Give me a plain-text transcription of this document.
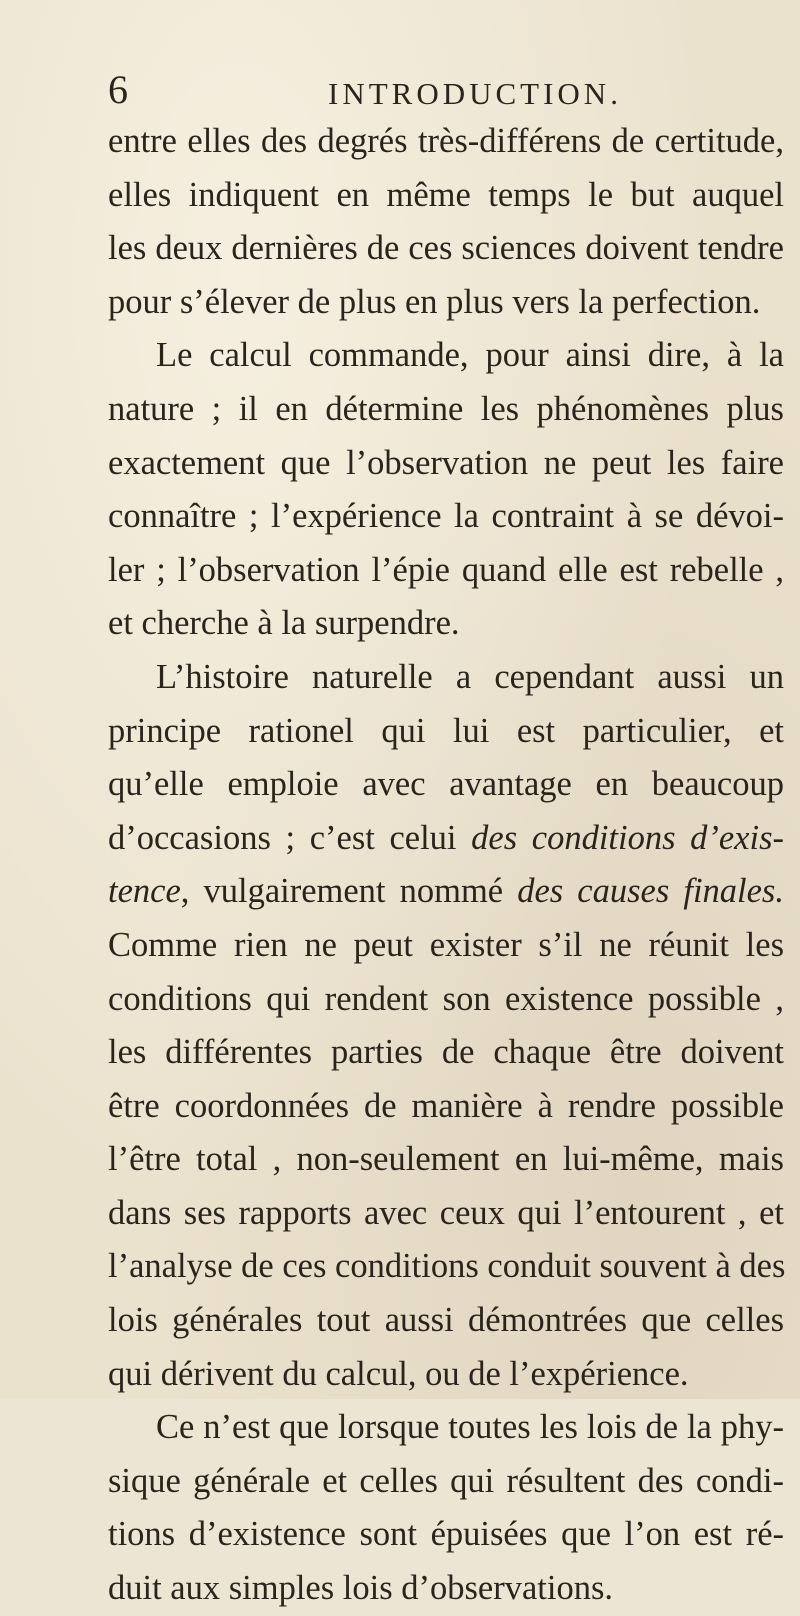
6	INTRODUCTION.
entre elles des degrés très-différens de certitude,
elles indiquent en même temps le but auquel
les deux dernières de ces sciences doivent tendre
pour s’élever de plus en plus vers la perfection.
Le calcul commande, pour ainsi dire, à la
nature ; il en détermine les phénomènes plus
exactement que l’observation ne peut les faire
connaître ; l’expérience la contraint à se dévoi-
ler ; l’observation l’épie quand elle est rebelle ,
et cherche à la surpendre.
L’histoire naturelle a cependant aussi un
principe rationel qui lui est particulier, et
qu’elle emploie avec avantage en beaucoup
d’occasions ; c’est celui des conditions d’exis-
tence, vulgairement nommé des causes finales.
Comme rien ne peut exister s’il ne réunit les
conditions qui rendent son existence possible ,
les différentes parties de chaque être doivent
être coordonnées de manière à rendre possible
l’être total , non-seulement en lui-même, mais
dans ses rapports avec ceux qui l’entourent , et
l’analyse de ces conditions conduit souvent à des
lois générales tout aussi démontrées que celles
qui dérivent du calcul, ou de l’expérience.
Ce n’est que lorsque toutes les lois de la phy-
sique générale et celles qui résultent des condi-
tions d’existence sont épuisées que l’on est ré-
duit aux simples lois d’observations.
